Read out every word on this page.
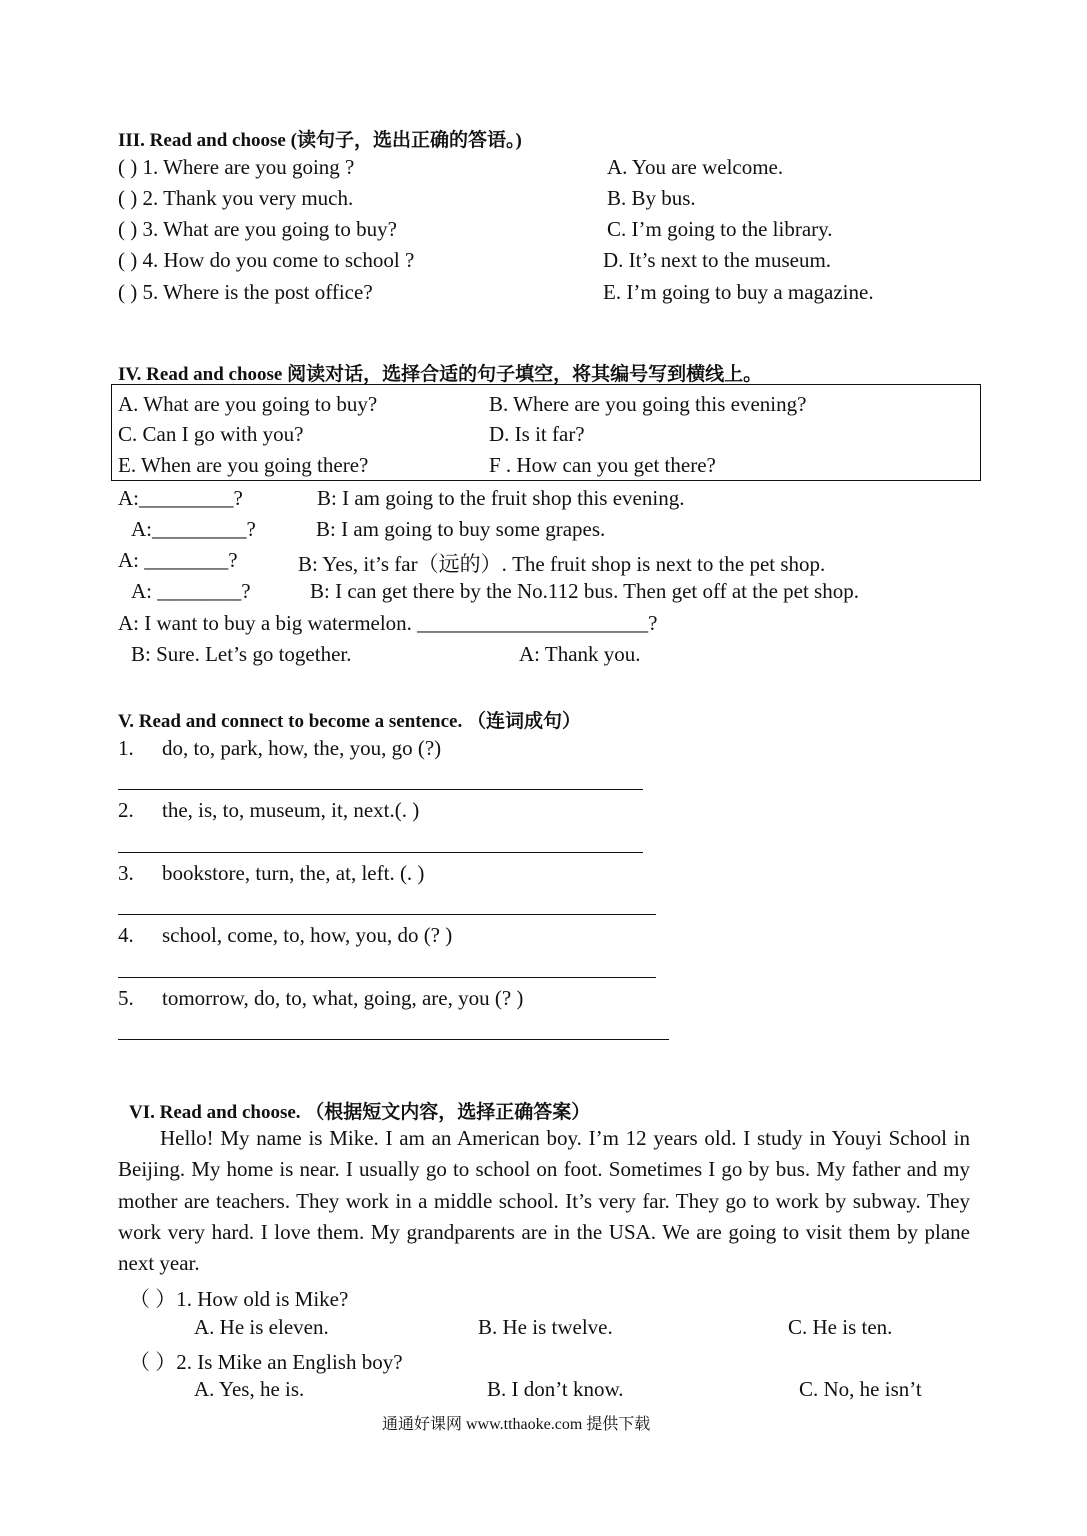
III. Read and choose (读句子，选出正确的答语。)
( ) 1. Where are you going ?	A. You are welcome.
( ) 2. Thank you very much.	B. By bus.
( ) 3. What are you going to buy?	C. I’m going to the library.
( ) 4. How do you come to school ?	D. It’s next to the museum.
( ) 5. Where is the post office?	E. I’m going to buy a magazine.
IV. Read and choose 阅读对话，选择合适的句子填空，将其编号写到横线上。
A. What are you going to buy?	B. Where are you going this evening?
C. Can I go with you?	D. Is it far?
E. When are you going there?	F . How can you get there?
A:_________?	B: I am going to the fruit shop this evening.
A:_________?	B: I am going to buy some grapes.
A: ________?	B: Yes, it’s far（远的）. The fruit shop is next to the pet shop.
A: ________?	B: I can get there by the No.112 bus. Then get off at the pet shop.
A: I want to buy a big watermelon. ______________________?
B: Sure. Let’s go together.	A: Thank you.
V. Read and connect to become a sentence. （连词成句）
1. do, to, park, how, the, you, go (?)
2. the, is, to, museum, it, next.(. )
3. bookstore, turn, the, at, left. (. )
4. school, come, to, how, you, do (? )
5. tomorrow, do, to, what, going, are, you (? )
VI. Read and choose. （根据短文内容，选择正确答案）
Hello! My name is Mike. I am an American boy. I’m 12 years old. I study in Youyi School in Beijing. My home is near. I usually go to school on foot. Sometimes I go by bus. My father and my mother are teachers. They work in a middle school. It’s very far. They go to work by subway. They work very hard. I love them. My grandparents are in the USA. We are going to visit them by plane next year.
（ ）1. How old is Mike?
A. He is eleven.	B. He is twelve.	C. He is ten.
（ ）2. Is Mike an English boy?
A. Yes, he is.	B. I don’t know.	C. No, he isn’t
通通好课网 www.tthaoke.com 提供下载
